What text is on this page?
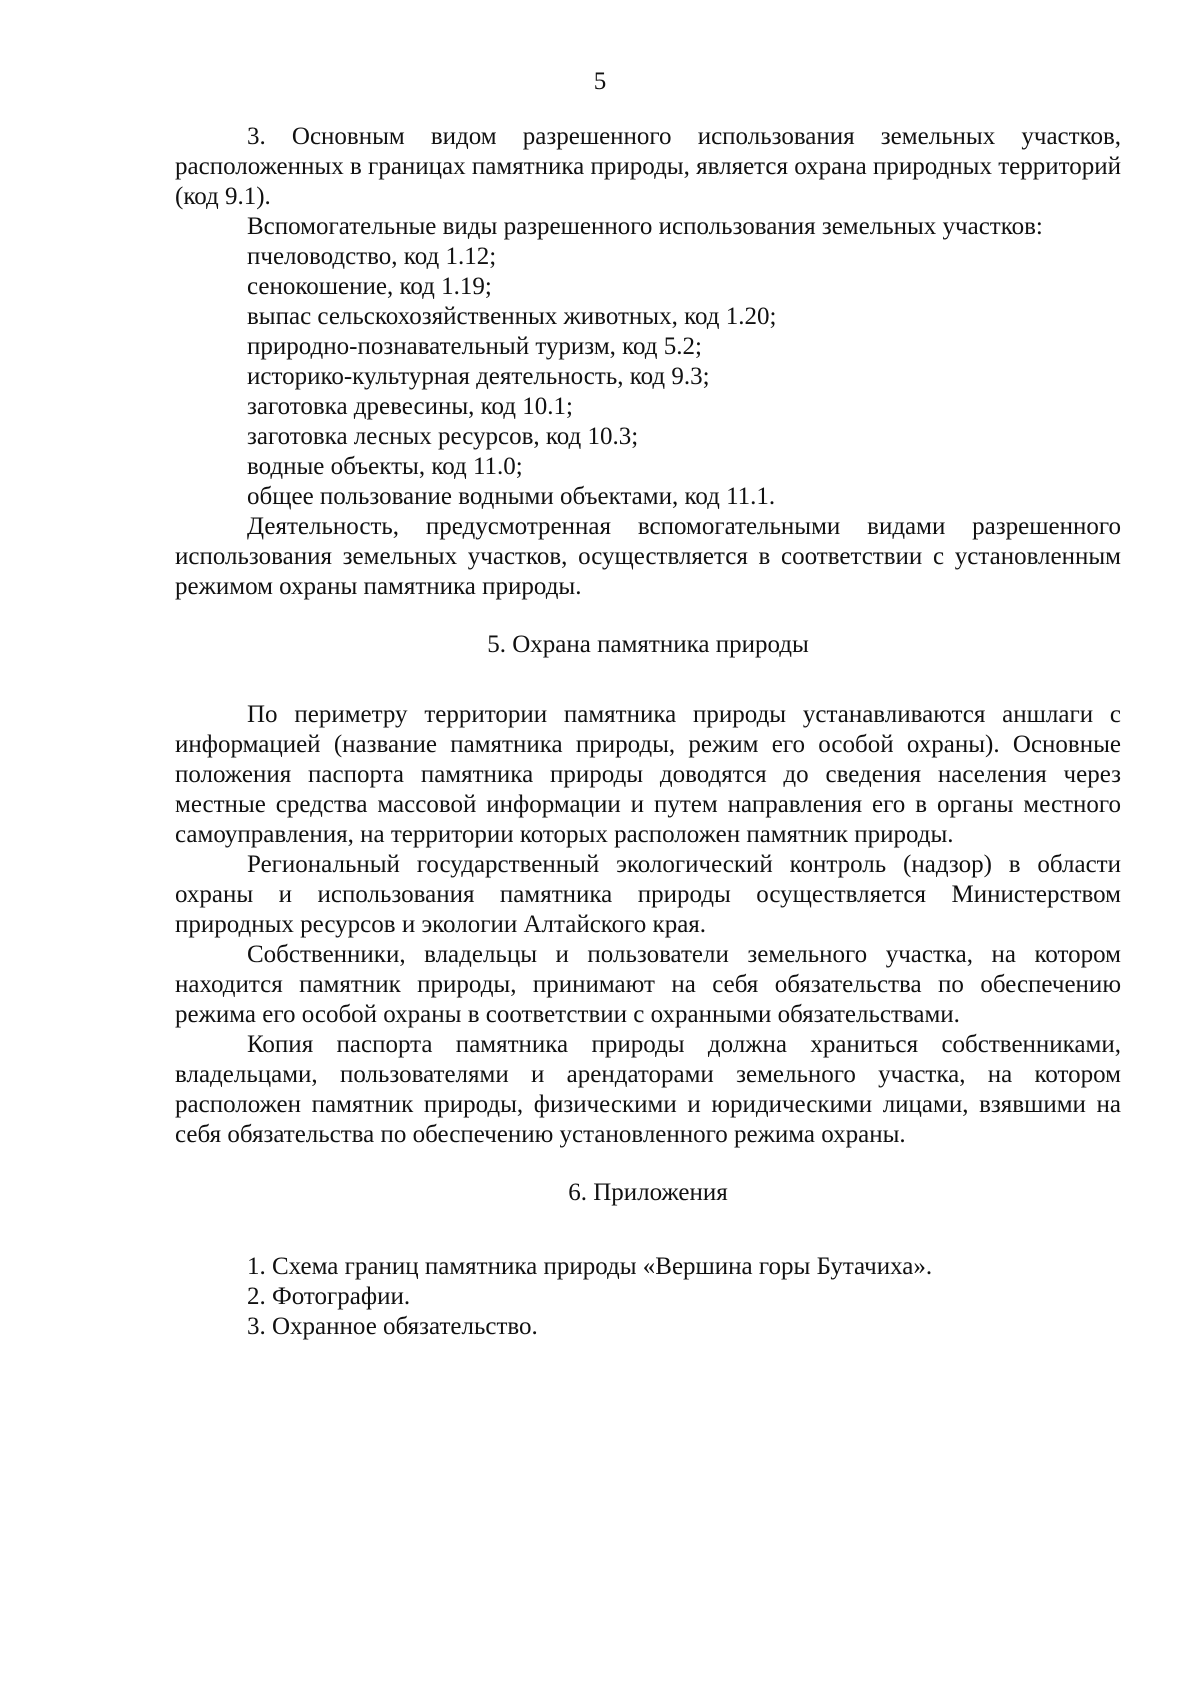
5

3. Основным видом разрешенного использования земельных участков, расположенных в границах памятника природы, является охрана природных территорий (код 9.1).

Вспомогательные виды разрешенного использования земельных участков:
пчеловодство, код 1.12;
сенокошение, код 1.19;
выпас сельскохозяйственных животных, код 1.20;
природно-познавательный туризм, код 5.2;
историко-культурная деятельность, код 9.3;
заготовка древесины, код 10.1;
заготовка лесных ресурсов, код 10.3;
водные объекты, код 11.0;
общее пользование водными объектами, код 11.1.

Деятельность, предусмотренная вспомогательными видами разрешенного использования земельных участков, осуществляется в соответствии с установленным режимом охраны памятника природы.

5. Охрана памятника природы

По периметру территории памятника природы устанавливаются аншлаги с информацией (название памятника природы, режим его особой охраны). Основные положения паспорта памятника природы доводятся до сведения населения через местные средства массовой информации и путем направления его в органы местного самоуправления, на территории которых расположен памятник природы.

Региональный государственный экологический контроль (надзор) в области охраны и использования памятника природы осуществляется Министерством природных ресурсов и экологии Алтайского края.

Собственники, владельцы и пользователи земельного участка, на котором находится памятник природы, принимают на себя обязательства по обеспечению режима его особой охраны в соответствии с охранными обязательствами.

Копия паспорта памятника природы должна храниться собственниками, владельцами, пользователями и арендаторами земельного участка, на котором расположен памятник природы, физическими и юридическими лицами, взявшими на себя обязательства по обеспечению установленного режима охраны.

6. Приложения
1. Схема границ памятника природы «Вершина горы Бутачиха».
2. Фотографии.
3. Охранное обязательство.
